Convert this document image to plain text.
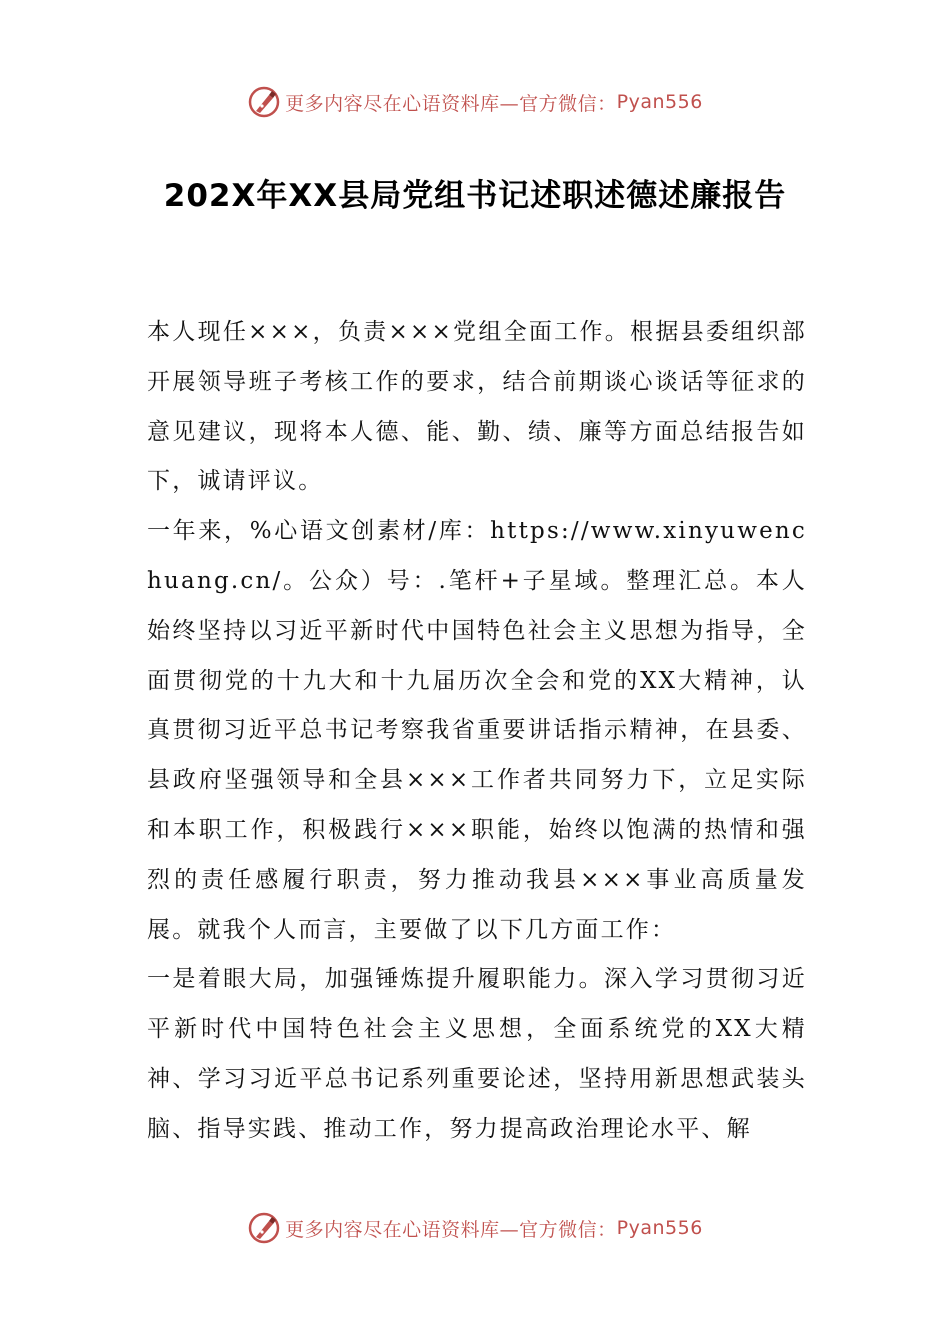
更多内容尽在心语资料库—官方微信： Pyan556
202X年XX县局党组书记述职述德述廉报告

本人现任×××，负责×××党组全面工作。根据县委组织部开展领导班子考核工作的要求，结合前期谈心谈话等征求的意见建议，现将本人德、能、勤、绩、廉等方面总结报告如下，诚请评议。

一年来，%心语文创素材/库：https://www.xinyuwenchuang.cn/。公众）号：.笔杆+子星域。整理汇总。本人始终坚持以习近平新时代中国特色社会主义思想为指导，全面贯彻党的十九大和十九届历次全会和党的XX大精神，认真贯彻习近平总书记考察我省重要讲话指示精神，在县委、县政府坚强领导和全县×××工作者共同努力下，立足实际和本职工作，积极践行×××职能，始终以饱满的热情和强烈的责任感履行职责，努力推动我县×××事业高质量发展。就我个人而言，主要做了以下几方面工作：

一是着眼大局，加强锤炼提升履职能力。深入学习贯彻习近平新时代中国特色社会主义思想，全面系统党的XX大精神、学习习近平总书记系列重要论述，坚持用新思想武装头脑、指导实践、推动工作，努力提高政治理论水平、解

更多内容尽在心语资料库—官方微信： Pyan556
